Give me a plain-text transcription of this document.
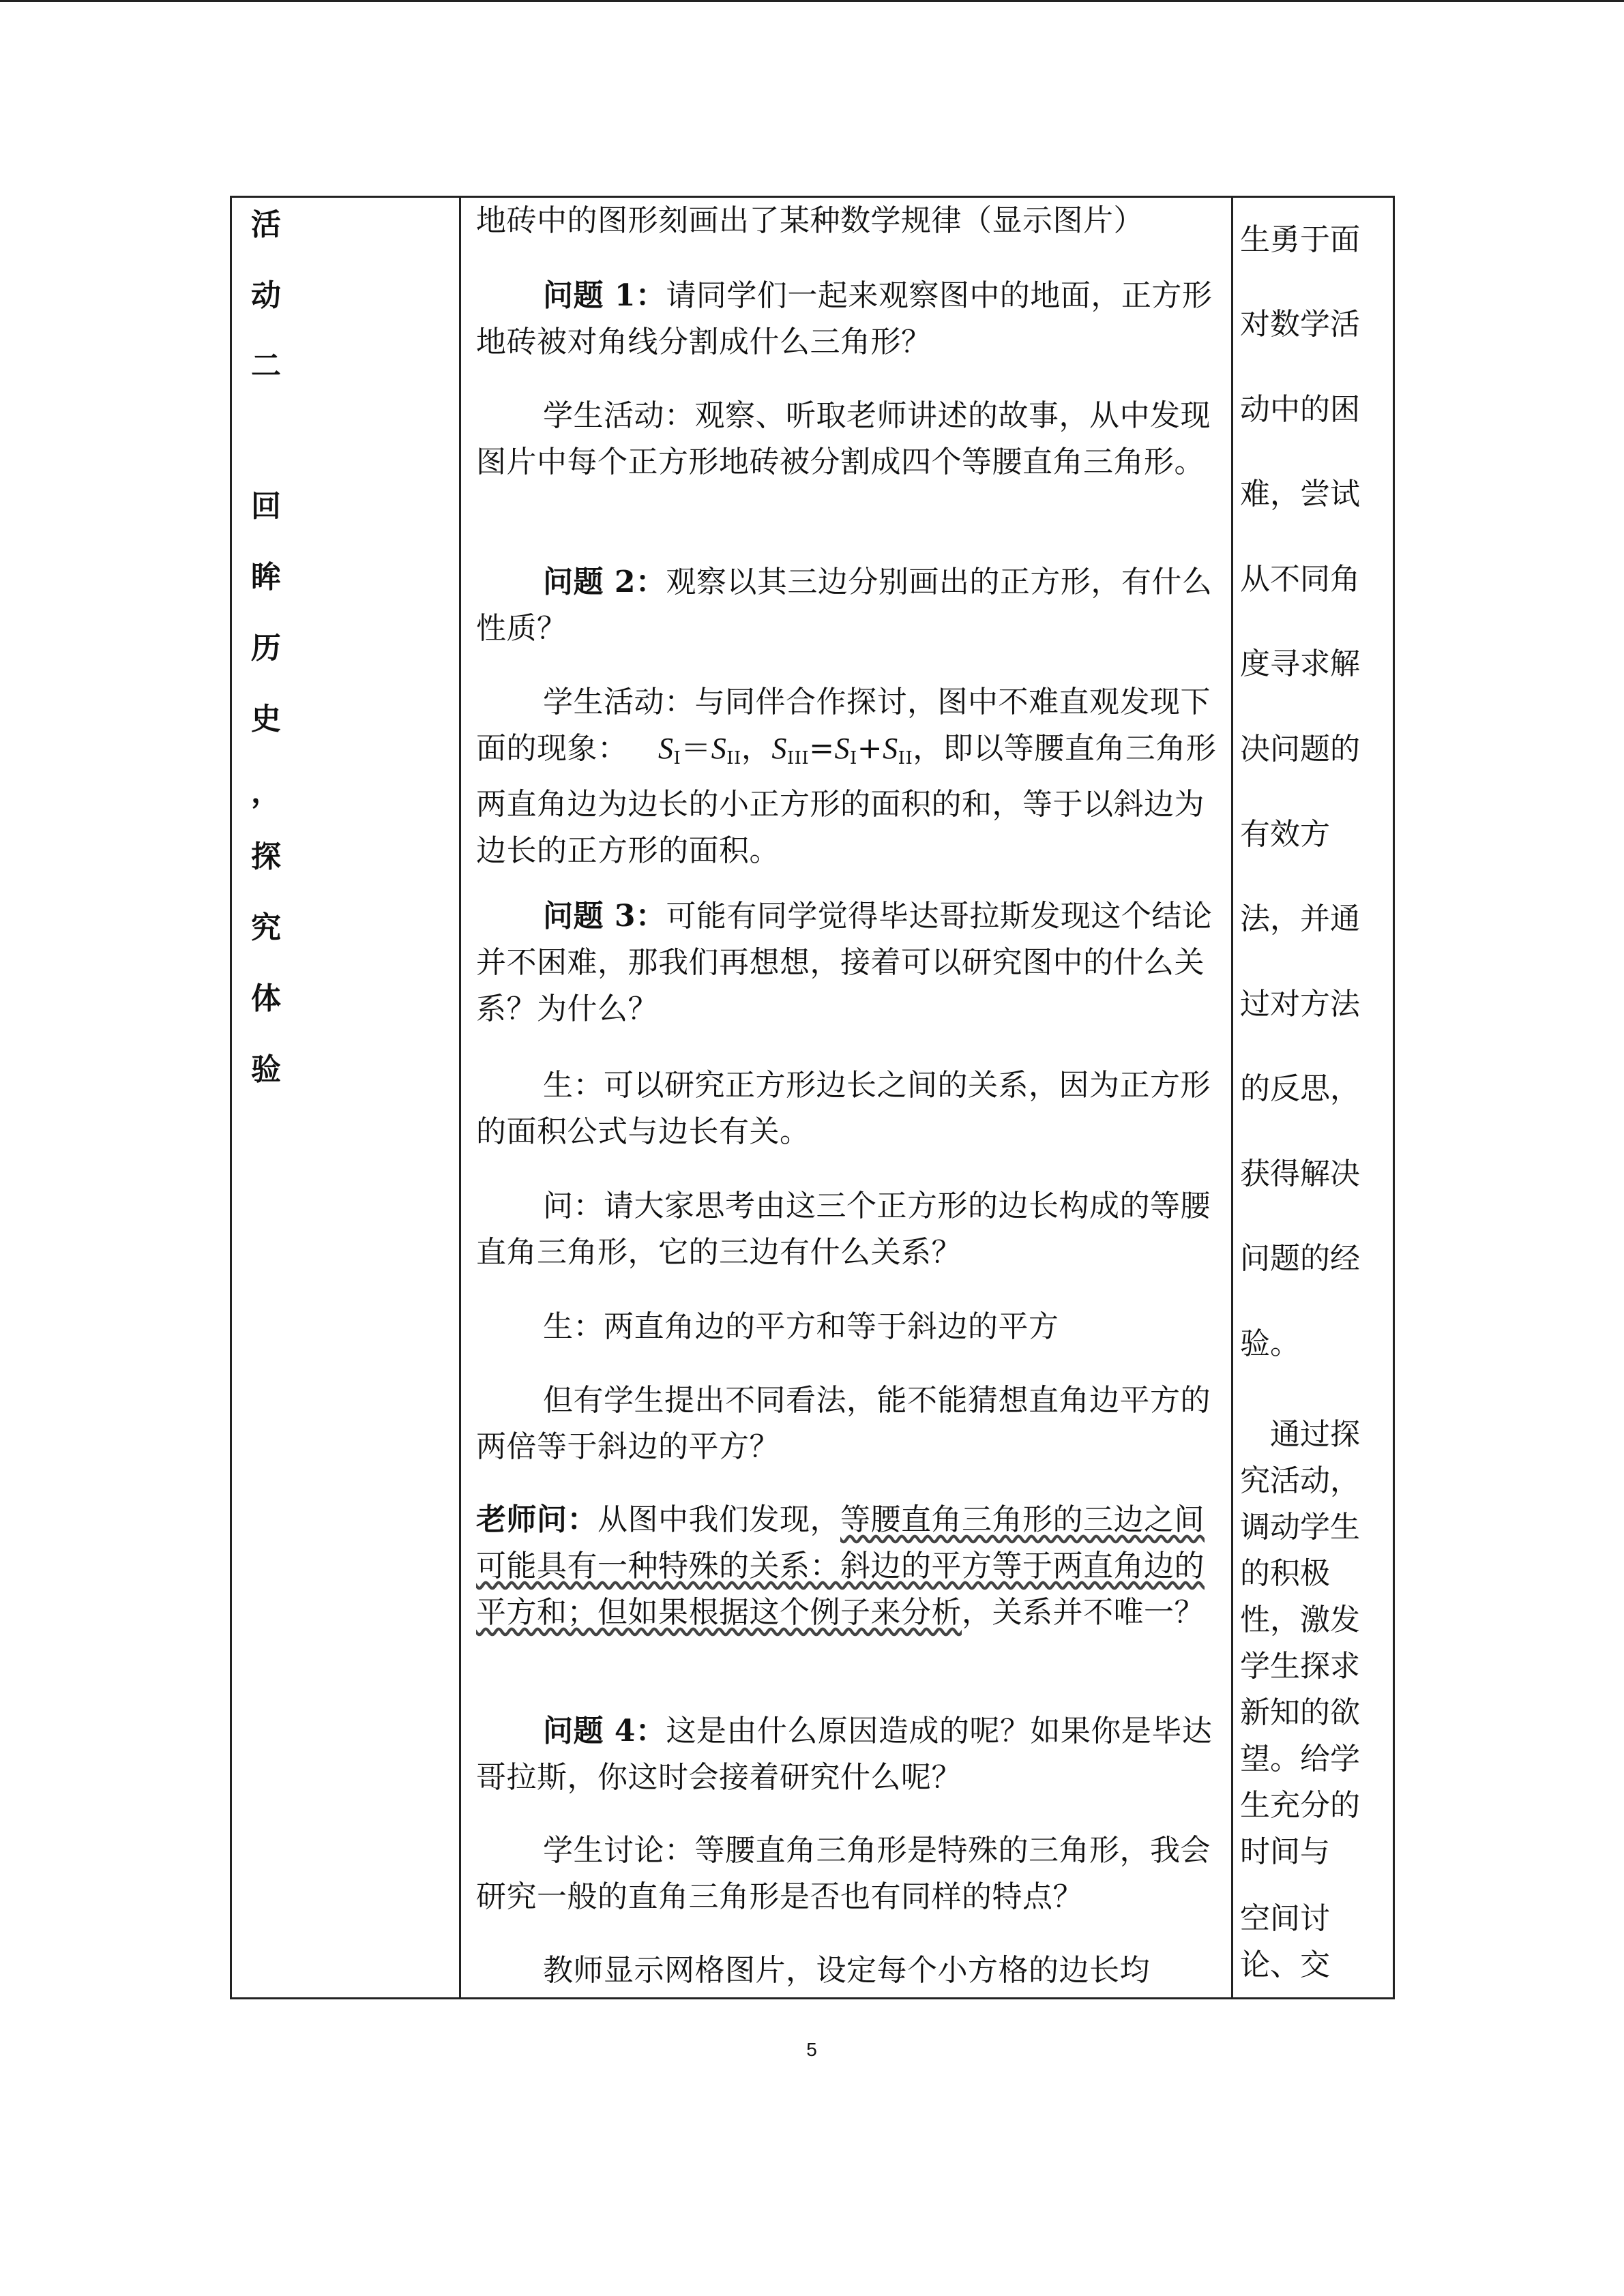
活
动
二
回
眸
历
史
，
探
究
体
验
地砖中的图形刻画出了某种数学规律（显示图片）
问题 1：请同学们一起来观察图中的地面，正方形地砖被对角线分割成什么三角形？
学生活动：观察、听取老师讲述的故事，从中发现图片中每个正方形地砖被分割成四个等腰直角三角形。
问题 2：观察以其三边分别画出的正方形，有什么性质？
学生活动：与同伴合作探讨，图中不难直观发现下面的现象：  SI＝SII，SIII=SI+SII，即以等腰直角三角形两直角边为边长的小正方形的面积的和，等于以斜边为边长的正方形的面积。
问题 3：可能有同学觉得毕达哥拉斯发现这个结论并不困难，那我们再想想，接着可以研究图中的什么关系？为什么？
生：可以研究正方形边长之间的关系，因为正方形的面积公式与边长有关。
问：请大家思考由这三个正方形的边长构成的等腰直角三角形，它的三边有什么关系？
生：两直角边的平方和等于斜边的平方
但有学生提出不同看法，能不能猜想直角边平方的两倍等于斜边的平方？
老师问：从图中我们发现，等腰直角三角形的三边之间可能具有一种特殊的关系：斜边的平方等于两直角边的平方和；但如果根据这个例子来分析，关系并不唯一？
问题 4：这是由什么原因造成的呢？如果你是毕达哥拉斯，你这时会接着研究什么呢？
学生讨论：等腰直角三角形是特殊的三角形，我会研究一般的直角三角形是否也有同样的特点？
教师显示网格图片，设定每个小方格的边长均
生勇于面
对数学活
动中的困
难，尝试
从不同角
度寻求解
决问题的
有效方
法，并通
过对方法
的反思，
获得解决
问题的经
验。
　通过探究活动，调动学生的积极性，激发学生探求新知的欲望。给学生充分的时间与
空间讨论、交
5
